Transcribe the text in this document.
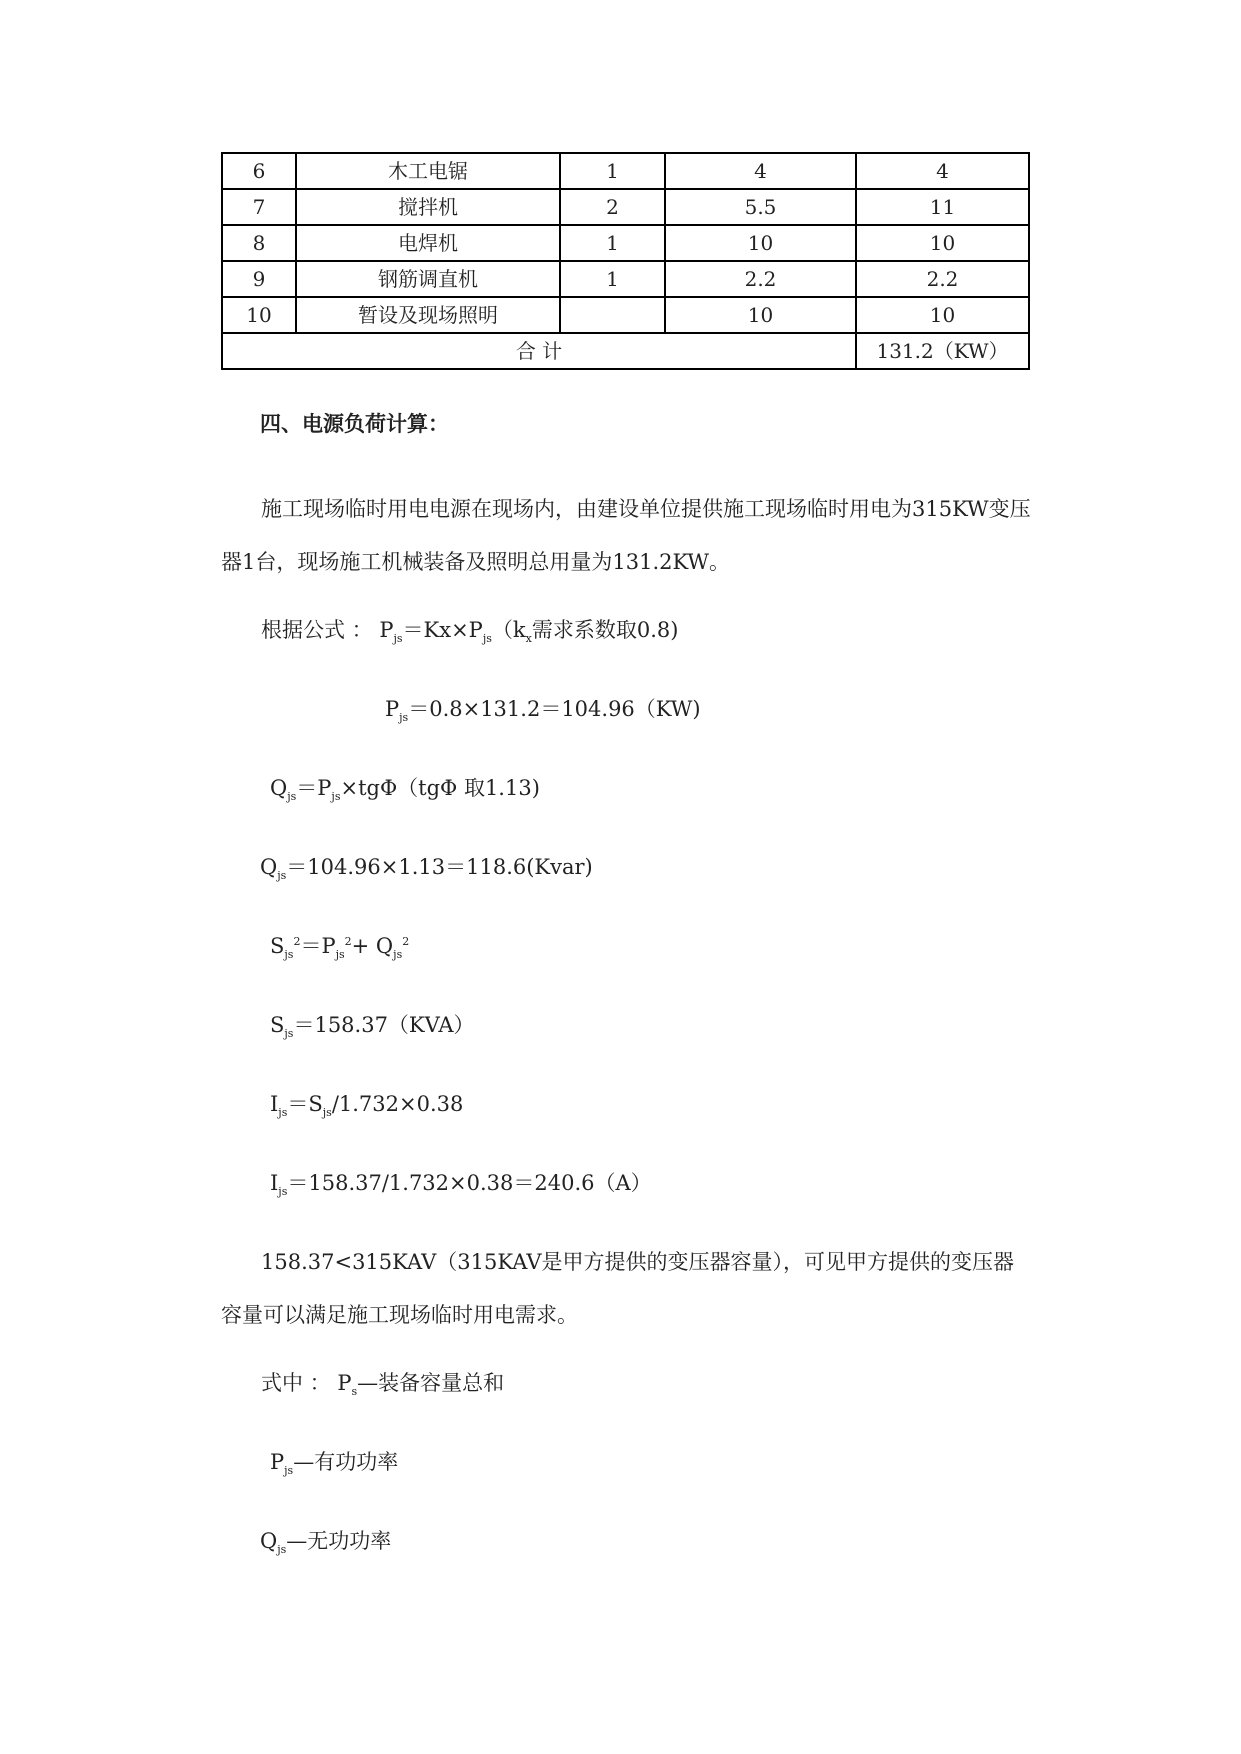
6	木工电锯	1	4	4
7	搅拌机	2	5.5	11
8	电焊机	1	10	10
9	钢筋调直机	1	2.2	2.2
10	暂设及现场照明		10	10
合 计				131.2（KW）
四、电源负荷计算：

施工现场临时用电电源在现场内，由建设单位提供施工现场临时用电为315KW变压器1台，现场施工机械装备及照明总用量为131.2KW。

根据公式 ： $P_{js}=Kx\times P_{js}(k_x$需求系数取0.8)
$P_{js}=0.8\times 131.2=104.96(KW)$
$Q_{js}=P_{js}\times tg\Phi(tg\Phi$ 取1.13)
$Q_{js}=104.96\times 1.13=118.6(Kvar)$
$S_{js}^2=P_{js}^2+ Q_{js}^2$
$S_{js}=158.37(KVA)$
$I_{js}=S_{js}/1.732\times 0.38$
$I_{js}=158.37/1.732\times 0.38=240.6(A)$

158.37<315KAV（315KAV是甲方提供的变压器容量），可见甲方提供的变压器容量可以满足施工现场临时用电需求。

式中 ： $P_s—$装备容量总和
$P_{js}—$有功功率
$Q_{js}—$无功功率
